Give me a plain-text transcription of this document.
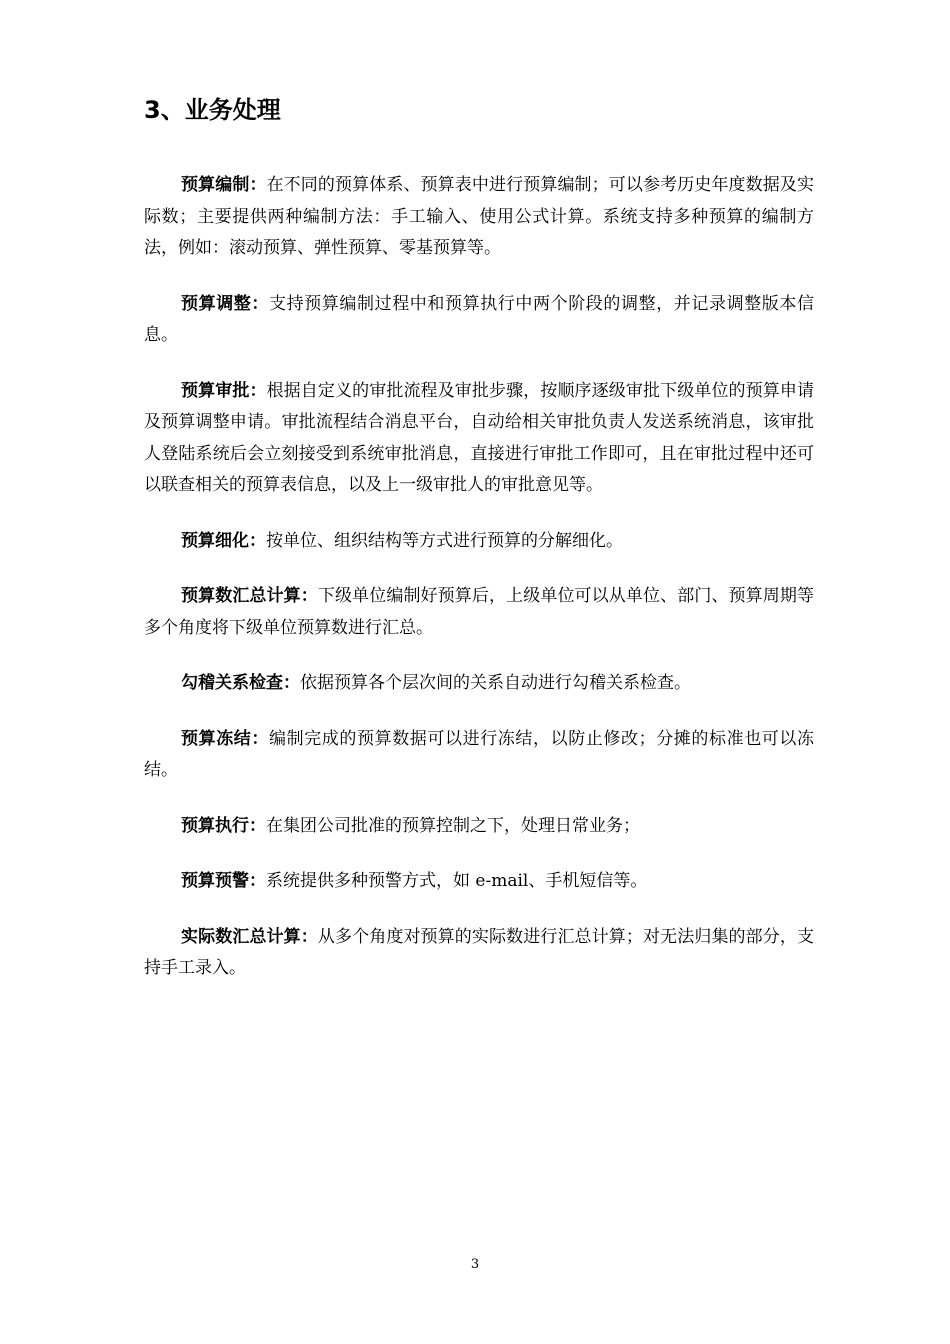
3、业务处理

预算编制：在不同的预算体系、预算表中进行预算编制；可以参考历史年度数据及实际数；主要提供两种编制方法：手工输入、使用公式计算。系统支持多种预算的编制方法，例如：滚动预算、弹性预算、零基预算等。

预算调整：支持预算编制过程中和预算执行中两个阶段的调整，并记录调整版本信息。

预算审批：根据自定义的审批流程及审批步骤，按顺序逐级审批下级单位的预算申请及预算调整申请。审批流程结合消息平台，自动给相关审批负责人发送系统消息，该审批人登陆系统后会立刻接受到系统审批消息，直接进行审批工作即可，且在审批过程中还可以联查相关的预算表信息，以及上一级审批人的审批意见等。

预算细化：按单位、组织结构等方式进行预算的分解细化。

预算数汇总计算：下级单位编制好预算后，上级单位可以从单位、部门、预算周期等多个角度将下级单位预算数进行汇总。

勾稽关系检查：依据预算各个层次间的关系自动进行勾稽关系检查。

预算冻结：编制完成的预算数据可以进行冻结，以防止修改；分摊的标准也可以冻结。

预算执行：在集团公司批准的预算控制之下，处理日常业务；

预算预警：系统提供多种预警方式，如 e-mail、手机短信等。

实际数汇总计算：从多个角度对预算的实际数进行汇总计算；对无法归集的部分，支持手工录入。

3
